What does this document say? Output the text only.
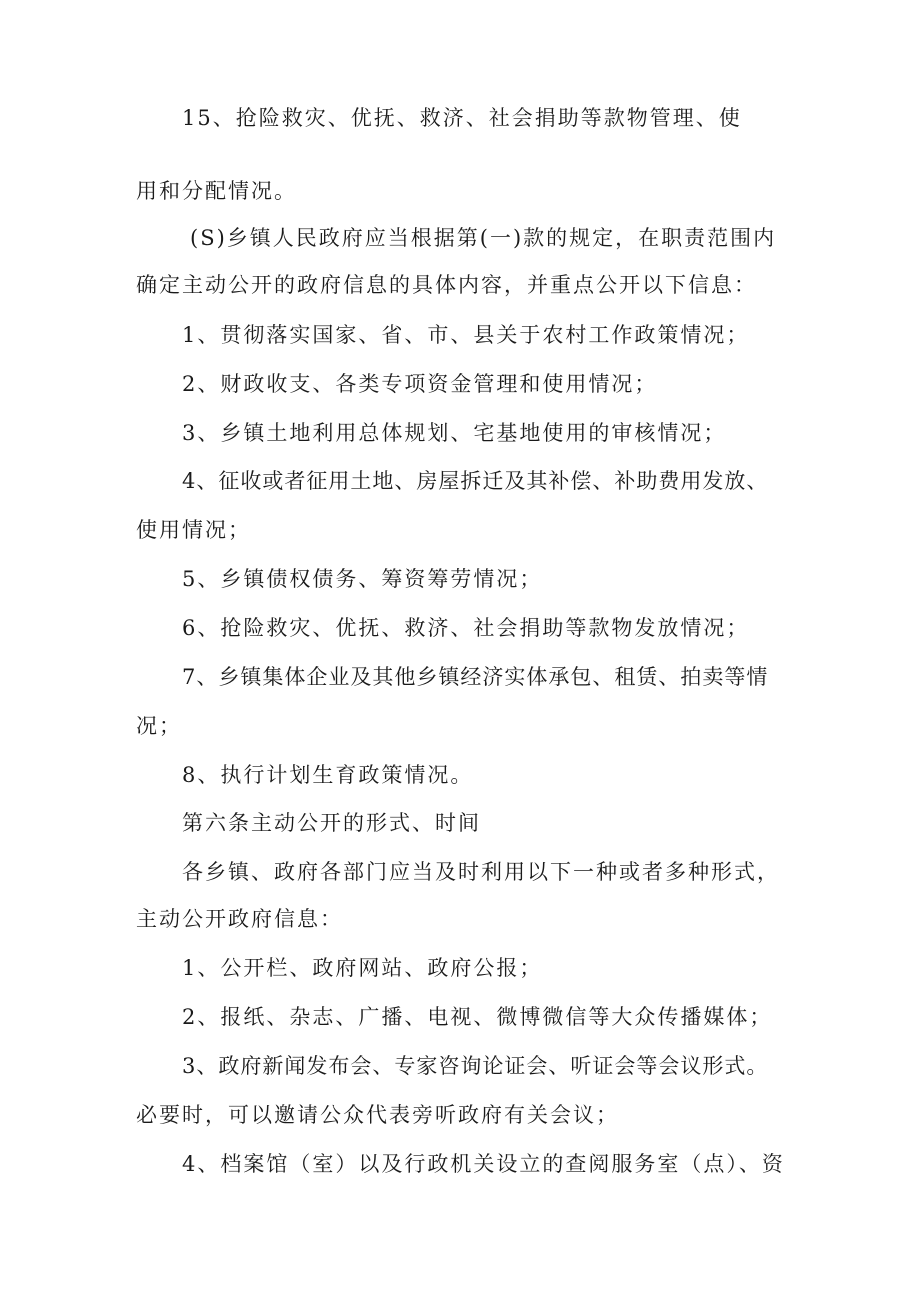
15、抢险救灾、优抚、救济、社会捐助等款物管理、使
用和分配情况。
(S)乡镇人民政府应当根据第(一)款的规定，在职责范围内
确定主动公开的政府信息的具体内容，并重点公开以下信息：
1、贯彻落实国家、省、市、县关于农村工作政策情况；
2、财政收支、各类专项资金管理和使用情况；
3、乡镇土地利用总体规划、宅基地使用的审核情况；
4、征收或者征用土地、房屋拆迁及其补偿、补助费用发放、
使用情况；
5、乡镇债权债务、筹资筹劳情况；
6、抢险救灾、优抚、救济、社会捐助等款物发放情况；
7、乡镇集体企业及其他乡镇经济实体承包、租赁、拍卖等情
况；
8、执行计划生育政策情况。
第六条主动公开的形式、时间
各乡镇、政府各部门应当及时利用以下一种或者多种形式，
主动公开政府信息：
1、公开栏、政府网站、政府公报；
2、报纸、杂志、广播、电视、微博微信等大众传播媒体；
3、政府新闻发布会、专家咨询论证会、听证会等会议形式。
必要时，可以邀请公众代表旁听政府有关会议；
4、档案馆（室）以及行政机关设立的查阅服务室（点）、资
